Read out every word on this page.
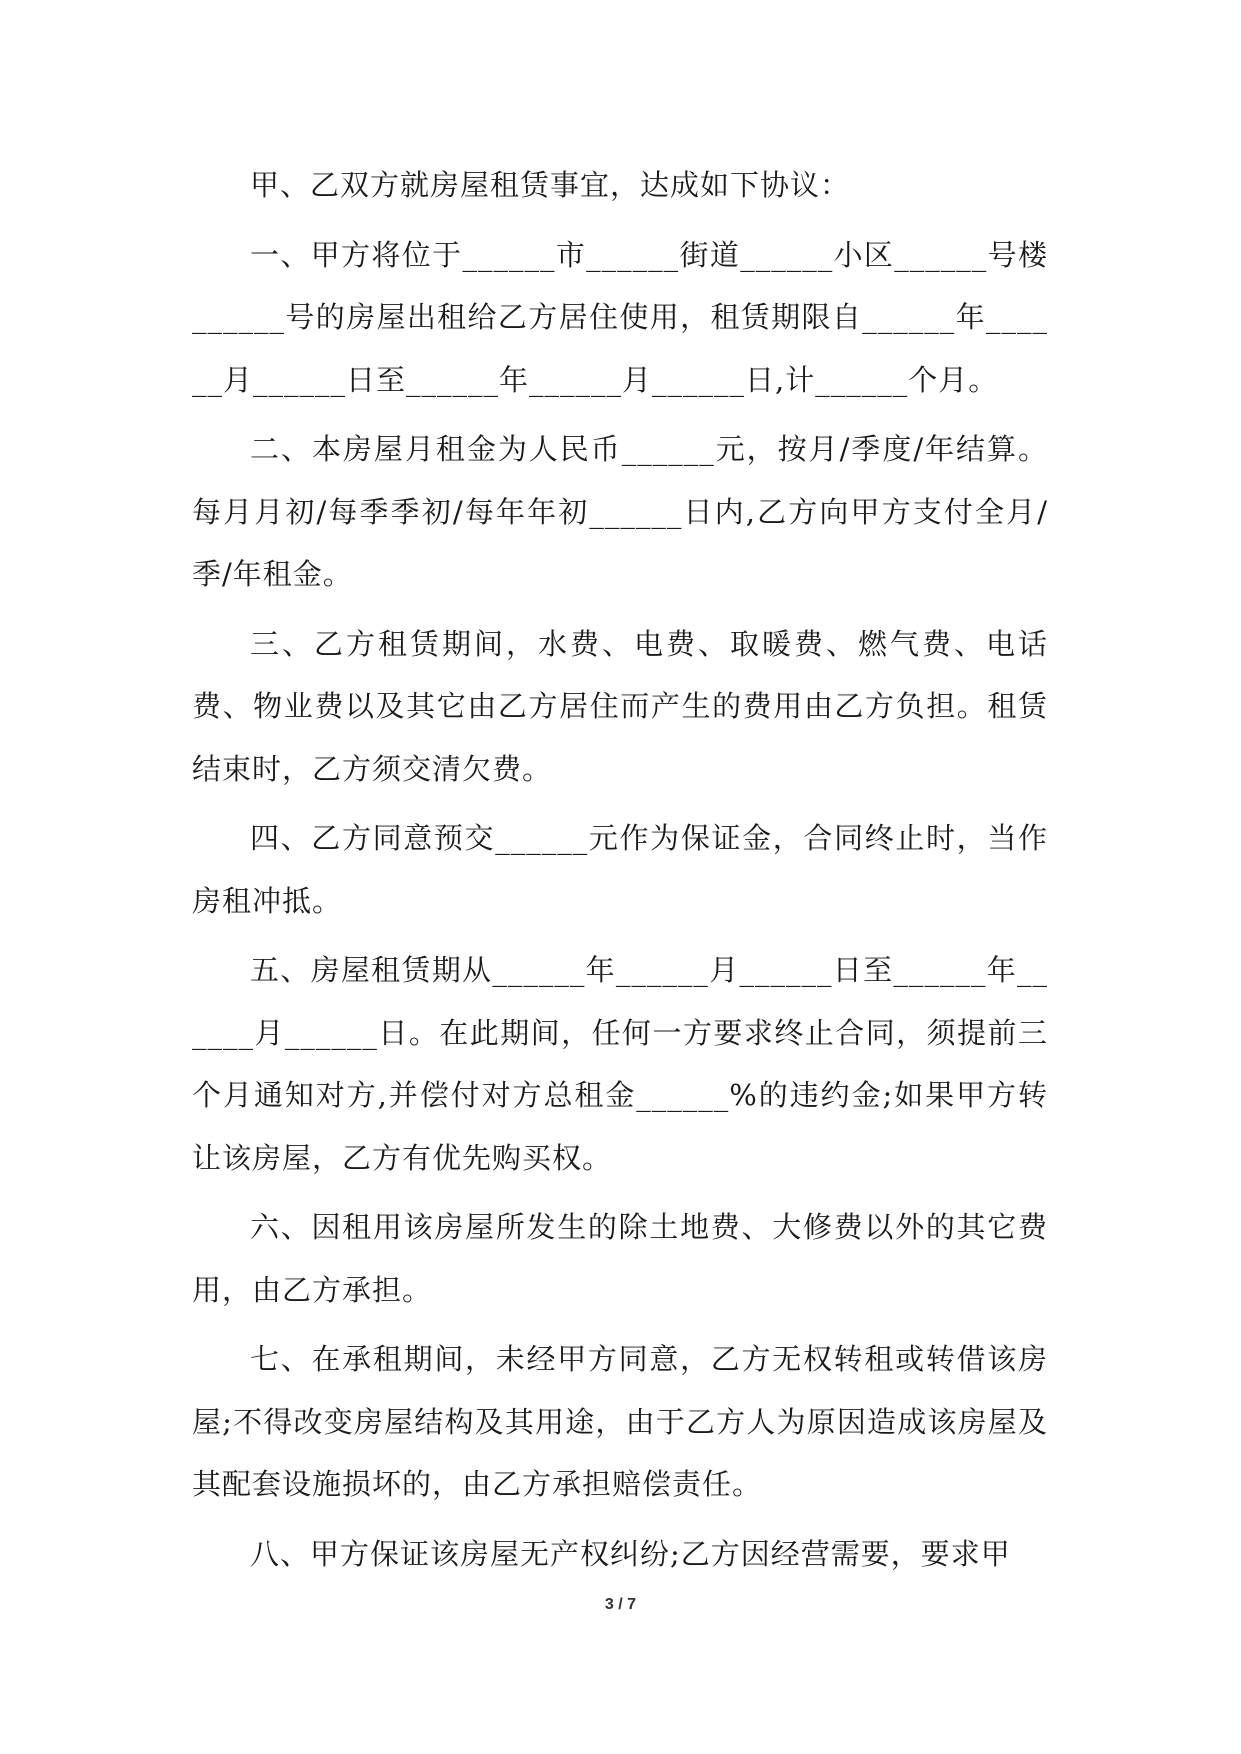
甲、乙双方就房屋租赁事宜，达成如下协议：

一、甲方将位于______市______街道______小区______号楼______号的房屋出租给乙方居住使用，租赁期限自______年______月______日至______年______月______日,计______个月。

二、本房屋月租金为人民币______元，按月/季度/年结算。每月月初/每季季初/每年年初______日内,乙方向甲方支付全月/季/年租金。

三、乙方租赁期间，水费、电费、取暖费、燃气费、电话费、物业费以及其它由乙方居住而产生的费用由乙方负担。租赁结束时，乙方须交清欠费。

四、乙方同意预交______元作为保证金，合同终止时，当作房租冲抵。

五、房屋租赁期从______年______月______日至______年______月______日。在此期间，任何一方要求终止合同，须提前三个月通知对方,并偿付对方总租金______%的违约金;如果甲方转让该房屋，乙方有优先购买权。

六、因租用该房屋所发生的除土地费、大修费以外的其它费用，由乙方承担。

七、在承租期间，未经甲方同意，乙方无权转租或转借该房屋;不得改变房屋结构及其用途，由于乙方人为原因造成该房屋及其配套设施损坏的，由乙方承担赔偿责任。

八、甲方保证该房屋无产权纠纷;乙方因经营需要，要求甲

3 / 7
